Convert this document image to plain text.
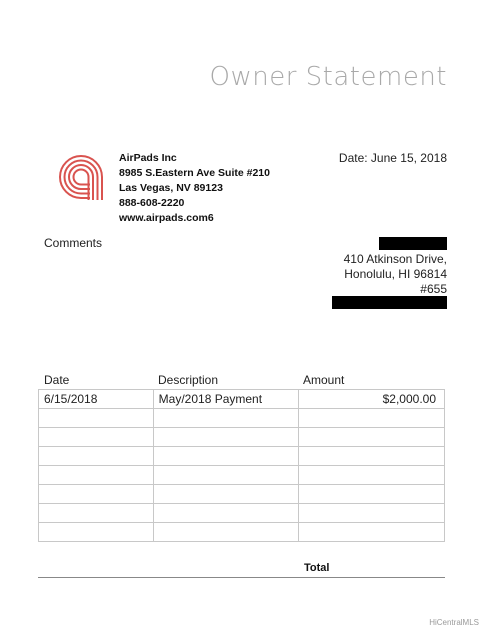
Owner Statement
AirPads Inc
8985 S.Eastern Ave Suite #210
Las Vegas, NV 89123
888-608-2220
www.airpads.com6
Date: June 15, 2018
Comments
410 Atkinson Drive,
Honolulu, HI 96814
#655
Date	Description	Amount
6/15/2018	May/2018 Payment	$2,000.00

Total
HiCentralMLS
